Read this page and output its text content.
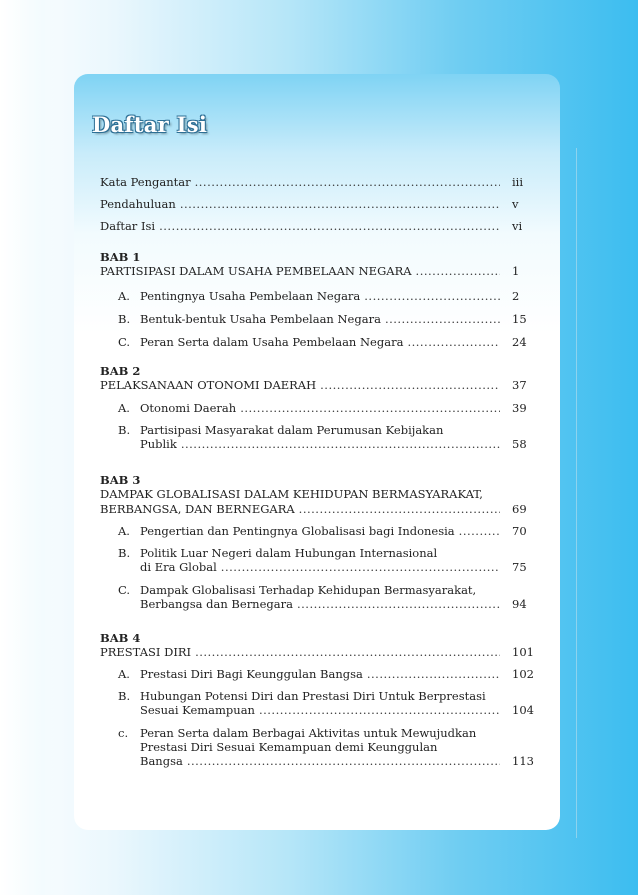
Daftar Isi
Kata Pengantar .....	iii
Pendahuluan .....	v
Daftar Isi .....	vi
BAB 1
PARTISIPASI DALAM USAHA PEMBELAAN NEGARA .....	1
A. Pentingnya Usaha Pembelaan Negara .....	2
B. Bentuk-bentuk Usaha Pembelaan Negara .....	15
C. Peran Serta dalam Usaha Pembelaan Negara .....	24
BAB 2
PELAKSANAAN OTONOMI DAERAH .....	37
A. Otonomi Daerah .....	39
B. Partisipasi Masyarakat dalam Perumusan Kebijakan
Publik .....	58
BAB 3
DAMPAK GLOBALISASI DALAM KEHIDUPAN BERMASYARAKAT,
BERBANGSA, DAN BERNEGARA .....	69
A. Pengertian dan Pentingnya Globalisasi bagi Indonesia .....	70
B. Politik Luar Negeri dalam Hubungan Internasional
di Era Global .....	75
C. Dampak Globalisasi Terhadap Kehidupan Bermasyarakat,
Berbangsa dan Bernegara .....	94
BAB 4
PRESTASI DIRI .....	101
A. Prestasi Diri Bagi Keunggulan Bangsa .....	102
B. Hubungan Potensi Diri dan Prestasi Diri Untuk Berprestasi
Sesuai Kemampuan .....	104
c. Peran Serta dalam Berbagai Aktivitas untuk Mewujudkan
Prestasi Diri Sesuai Kemampuan demi Keunggulan
Bangsa .....	113
